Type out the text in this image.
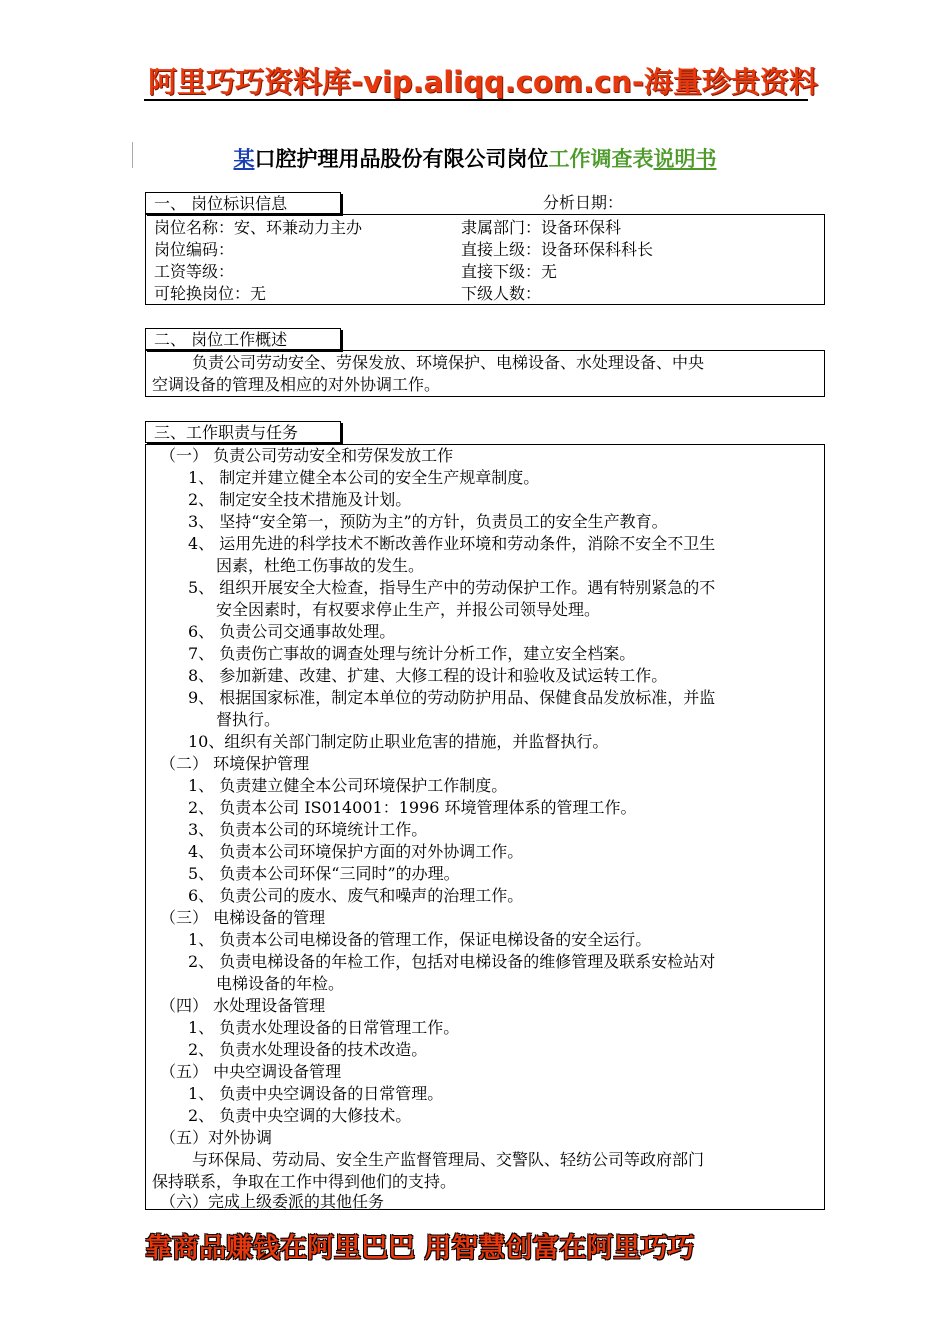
阿里巧巧资料库-vip.aliqq.com.cn-海量珍贵资料
某口腔护理用品股份有限公司岗位工作调查表说明书
一、 岗位标识信息	分析日期：
岗位名称：安、环兼动力主办
岗位编码：
工资等级：
可轮换岗位：无
隶属部门：设备环保科
直接上级：设备环保科科长
直接下级：无
下级人数：
二、 岗位工作概述
负责公司劳动安全、劳保发放、环境保护、电梯设备、水处理设备、中央
空调设备的管理及相应的对外协调工作。
三、工作职责与任务
（一） 负责公司劳动安全和劳保发放工作
1、 制定并建立健全本公司的安全生产规章制度。
2、 制定安全技术措施及计划。
3、 坚持“安全第一，预防为主”的方针，负责员工的安全生产教育。
4、 运用先进的科学技术不断改善作业环境和劳动条件，消除不安全不卫生
因素，杜绝工伤事故的发生。
5、 组织开展安全大检查，指导生产中的劳动保护工作。遇有特别紧急的不
安全因素时，有权要求停止生产，并报公司领导处理。
6、 负责公司交通事故处理。
7、 负责伤亡事故的调查处理与统计分析工作，建立安全档案。
8、 参加新建、改建、扩建、大修工程的设计和验收及试运转工作。
9、 根据国家标准，制定本单位的劳动防护用品、保健食品发放标准，并监
督执行。
10、组织有关部门制定防止职业危害的措施，并监督执行。
（二） 环境保护管理
1、 负责建立健全本公司环境保护工作制度。
2、 负责本公司 IS014001：1996 环境管理体系的管理工作。
3、 负责本公司的环境统计工作。
4、 负责本公司环境保护方面的对外协调工作。
5、 负责本公司环保“三同时”的办理。
6、 负责公司的废水、废气和噪声的治理工作。
（三） 电梯设备的管理
1、 负责本公司电梯设备的管理工作，保证电梯设备的安全运行。
2、 负责电梯设备的年检工作，包括对电梯设备的维修管理及联系安检站对
电梯设备的年检。
（四） 水处理设备管理
1、 负责水处理设备的日常管理工作。
2、 负责水处理设备的技术改造。
（五） 中央空调设备管理
1、 负责中央空调设备的日常管理。
2、 负责中央空调的大修技术。
（五）对外协调
与环保局、劳动局、安全生产监督管理局、交警队、轻纺公司等政府部门
保持联系，争取在工作中得到他们的支持。
（六）完成上级委派的其他任务
靠商品赚钱在阿里巴巴 用智慧创富在阿里巧巧
